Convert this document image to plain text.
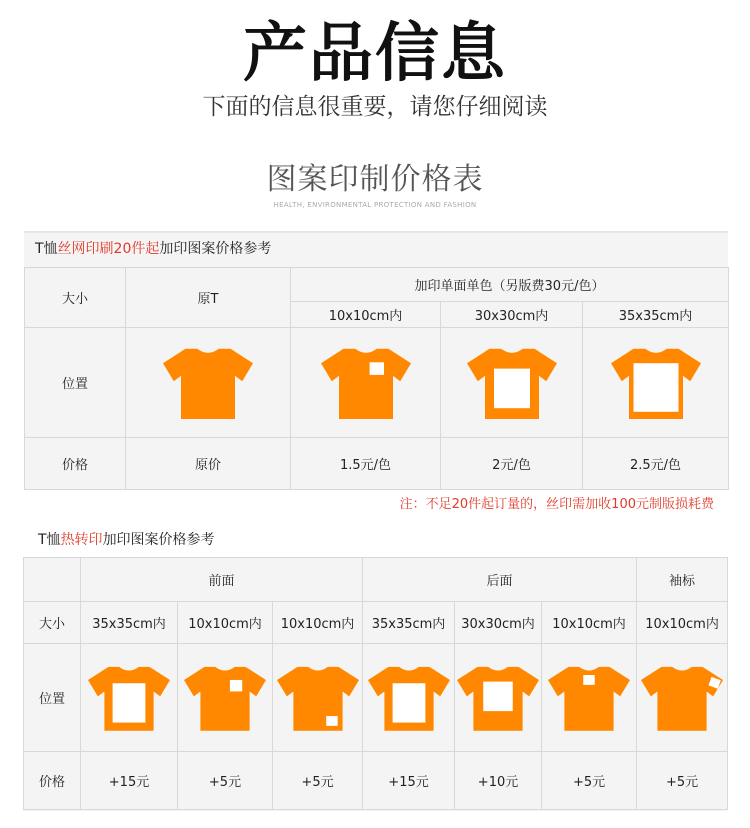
产品信息
下面的信息很重要，请您仔细阅读
图案印制价格表
HEALTH, ENVIRONMENTAL PROTECTION AND FASHION
T恤丝网印刷20件起加印图案价格参考
大小	原T	加印单面单色（另版费30元/色）		
		10x10cm内	30x30cm内	35x35cm内
位置	

价格	原价	1.5元/色	2元/色	2.5元/色
注：不足20件起订量的，丝印需加收100元制版损耗费
T恤热转印加印图案价格参考
	前面			后面			袖标
大小	35x35cm内	10x10cm内	10x10cm内	35x35cm内	30x30cm内	10x10cm内	10x10cm内
位置	

价格	+15元	+5元	+5元	+15元	+10元	+5元	+5元
